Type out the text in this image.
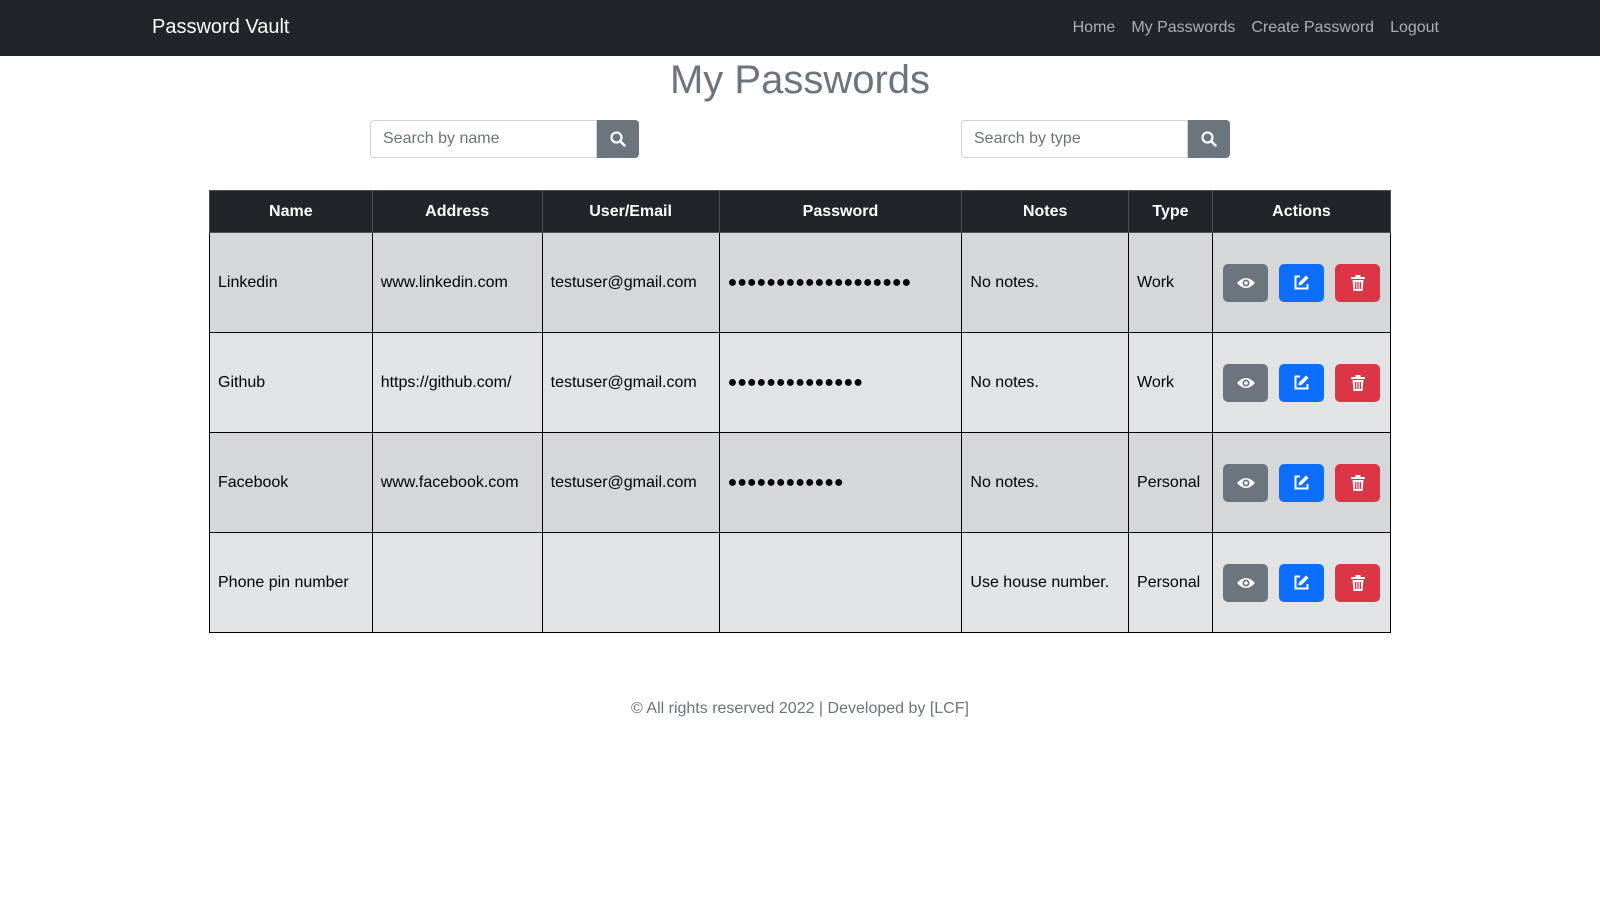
Password Vault	Home My Passwords Create Password Logout
My Passwords
Search by name
Search by type
Name	Address	User/Email	Password	Notes	Type	Actions
Linkedin	www.linkedin.com	testuser@gmail.com	●●●●●●●●●●●●●●●●●●●	No notes.	Work	

Github	https://github.com/	testuser@gmail.com	●●●●●●●●●●●●●●	No notes.	Work	

Facebook	www.facebook.com	testuser@gmail.com	●●●●●●●●●●●●	No notes.	Personal	

Phone pin number				Use house number.	Personal	
© All rights reserved 2022 | Developed by [LCF]
